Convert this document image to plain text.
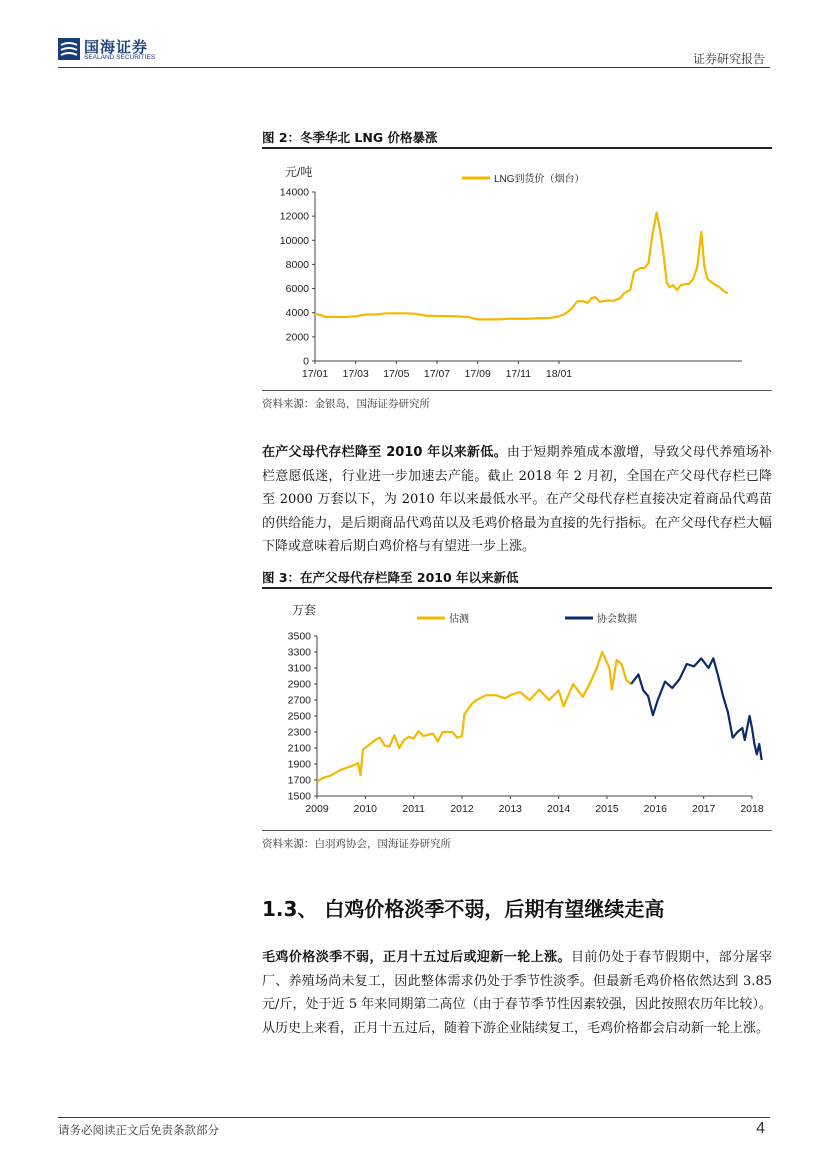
国海证券
SEALAND SECURITIES	证券研究报告
图 2：冬季华北 LNG 价格暴涨
0
2000
4000
6000
8000
10000
12000
14000
17/01 17/03 17/05 17/07 17/09 17/11 18/01
元/吨
LNG到货价（烟台）
资料来源：金银岛，国海证券研究所
在产父母代存栏降至 2010 年以来新低。由于短期养殖成本激增，导致父母代养殖场补栏意愿低迷，行业进一步加速去产能。截止 2018 年 2 月初，全国在产父母代存栏已降至 2000 万套以下，为 2010 年以来最低水平。在产父母代存栏直接决定着商品代鸡苗的供给能力，是后期商品代鸡苗以及毛鸡价格最为直接的先行指标。在产父母代存栏大幅下降或意味着后期白鸡价格与有望进一步上涨。
图 3：在产父母代存栏降至 2010 年以来新低
1500
1700
1900
2100
2300
2500
2700
2900
3100
3300
3500
2009 2010 2011 2012 2013 2014 2015 2016 2017 2018
万套
估测	协会数据
资料来源：白羽鸡协会，国海证券研究所
1.3、 白鸡价格淡季不弱，后期有望继续走高
毛鸡价格淡季不弱，正月十五过后或迎新一轮上涨。目前仍处于春节假期中，部分屠宰厂、养殖场尚未复工，因此整体需求仍处于季节性淡季。但最新毛鸡价格依然达到 3.85 元/斤，处于近 5 年来同期第二高位（由于春节季节性因素较强，因此按照农历年比较）。从历史上来看，正月十五过后，随着下游企业陆续复工，毛鸡价格都会启动新一轮上涨。
请务必阅读正文后免责条款部分	4
